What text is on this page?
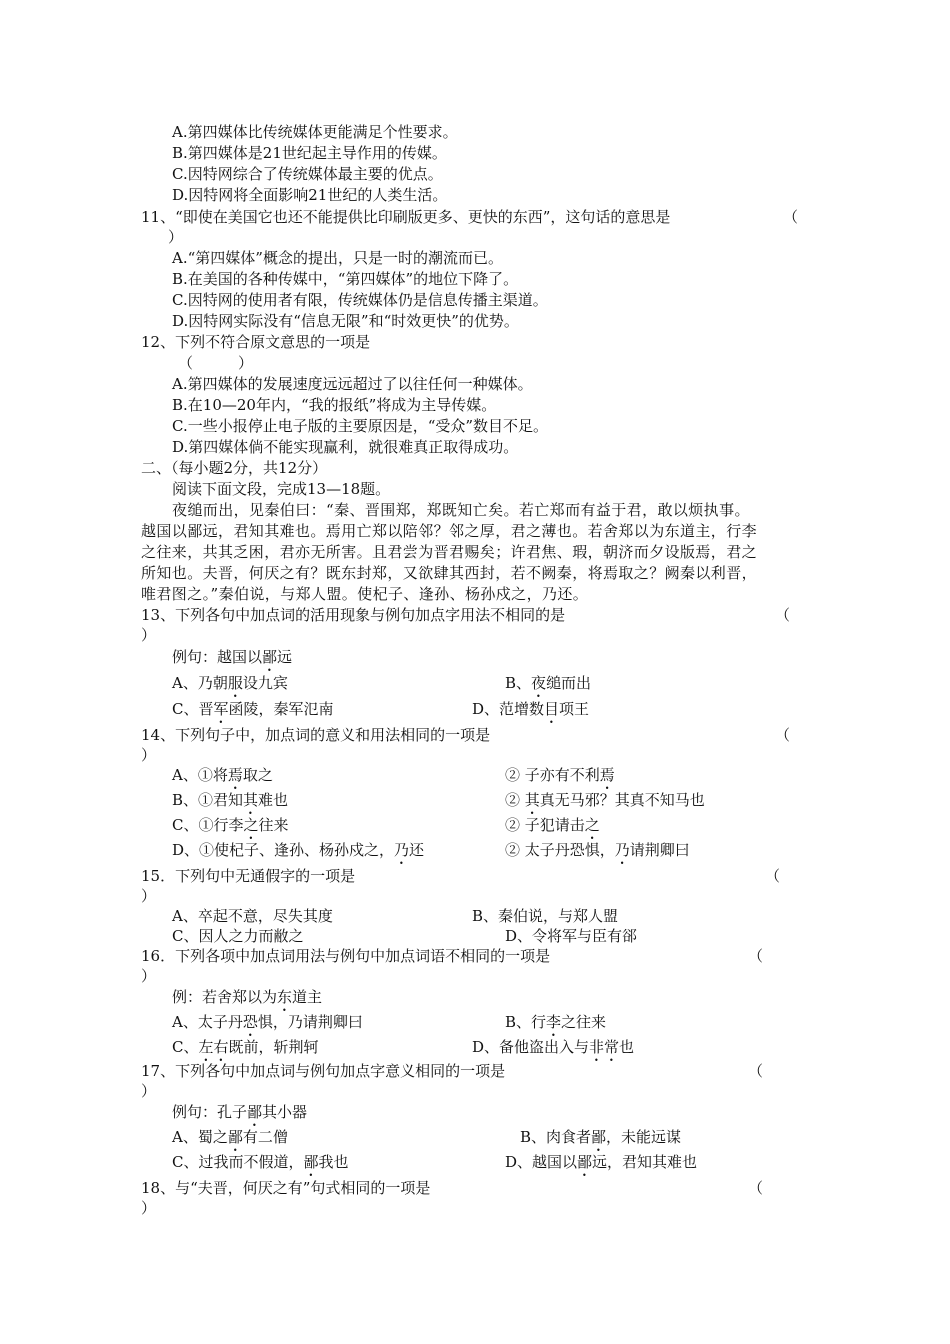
A.第四媒体比传统媒体更能满足个性要求。
B.第四媒体是21世纪起主导作用的传媒。
C.因特网综合了传统媒体最主要的优点。
D.因特网将全面影响21世纪的人类生活。
11、“即使在美国它也还不能提供比印刷版更多、更快的东西”，这句话的意思是	（
）
A.“第四媒体”概念的提出，只是一时的潮流而已。
B.在美国的各种传媒中，“第四媒体”的地位下降了。
C.因特网的使用者有限，传统媒体仍是信息传播主渠道。
D.因特网实际没有“信息无限”和“时效更快”的优势。
12、下列不符合原文意思的一项是
（　　　）
A.第四媒体的发展速度远远超过了以往任何一种媒体。
B.在10—20年内，“我的报纸”将成为主导传媒。
C.一些小报停止电子版的主要原因是，“受众”数目不足。
D.第四媒体倘不能实现赢利，就很难真正取得成功。
二、（每小题2分，共12分）
阅读下面文段，完成13—18题。
夜缒而出，见秦伯曰：“秦、晋围郑，郑既知亡矣。若亡郑而有益于君，敢以烦执事。
越国以鄙远，君知其难也。焉用亡郑以陪邻？邻之厚，君之薄也。若舍郑以为东道主，行李
之往来，共其乏困，君亦无所害。且君尝为晋君赐矣；许君焦、瑕，朝济而夕设版焉，君之
所知也。夫晋，何厌之有？既东封郑，又欲肆其西封，若不阙秦，将焉取之？阙秦以利晋，
唯君图之。”秦伯说，与郑人盟。使杞子、逢孙、杨孙戍之，乃还。
13、下列各句中加点词的活用现象与例句加点字用法不相同的是	（
）
例句：越国以鄙远
A、乃朝服设九宾	B、夜缒而出
C、晋军函陵，秦军氾南	D、范增数目项王
14、下列句子中，加点词的意义和用法相同的一项是	（
）
A、①将焉取之	② 子亦有不利焉
B、①君知其难也	② 其真无马邪？其真不知马也
C、①行李之往来	② 子犯请击之
D、①使杞子、逢孙、杨孙戍之，乃还	② 太子丹恐惧，乃请荆卿曰
15．下列句中无通假字的一项是	（
）
A、卒起不意，尽失其度	B、秦伯说，与郑人盟
C、因人之力而敝之	D、令将军与臣有郤
16．下列各项中加点词用法与例句中加点词语不相同的一项是	（
）
例：若舍郑以为东道主
A、太子丹恐惧，乃请荆卿曰	B、行李之往来
C、左右既前，斩荆轲	D、备他盗出入与非常也
17、下列各句中加点词与例句加点字意义相同的一项是	（
）
例句：孔子鄙其小器
A、蜀之鄙有二僧	B、肉食者鄙，未能远谋
C、过我而不假道，鄙我也	D、越国以鄙远，君知其难也
18、与“夫晋，何厌之有”句式相同的一项是	（
）
